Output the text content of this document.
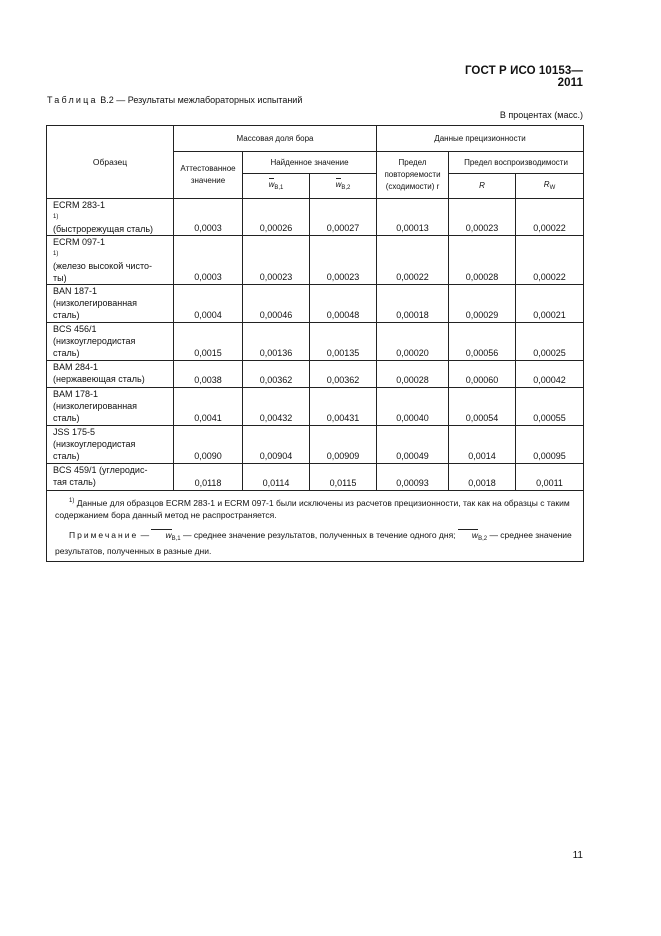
ГОСТ Р ИСО 10153—2011
Таблица В.2 — Результаты межлабораторных испытаний
В процентах (масс.)
Образец	Массовая доля бора			Данные прецизионности		
	Аттестованное значение	Найденное значение		Предел повторяемости (сходимости) r	Предел воспроизводимости	
		$w_{В,1}$	$w_{В,2}$		R	$R_W$

ECRM 283-1
1)
(быстрорежущая сталь)	0,0003	0,00026	0,00027	0,00013	0,00023	0,00022

ECRM 097-1
1)
(железо высокой чисто-
ты)	0,0003	0,00023	0,00023	0,00022	0,00028	0,00022

BAN 187-1
(низколегированная
сталь)	0,0004	0,00046	0,00048	0,00018	0,00029	0,00021

BCS 456/1
(низкоуглеродистая
сталь)	0,0015	0,00136	0,00135	0,00020	0,00056	0,00025

BAM 284-1
(нержавеющая сталь)	0,0038	0,00362	0,00362	0,00028	0,00060	0,00042

BAM 178-1
(низколегированная
сталь)	0,0041	0,00432	0,00431	0,00040	0,00054	0,00055

JSS 175-5
(низкоуглеродистая
сталь)	0,0090	0,00904	0,00909	0,00049	0,0014	0,00095

BCS 459/1 (углеродис-
тая сталь)	0,0118	0,0114	0,0115	0,00093	0,0018	0,0011

$^{1)}$ Данные для образцов ECRM 283-1 и ECRM 097-1 были исключены из расчетов прецизионности, так как на образцы с таким содержанием бора данный метод не распространяется.

Примечание — $w_{В,1}$ — среднее значение результатов, полученных в течение одного дня; $w_{В,2}$ — среднее значение результатов, полученных в разные дни.						

11
